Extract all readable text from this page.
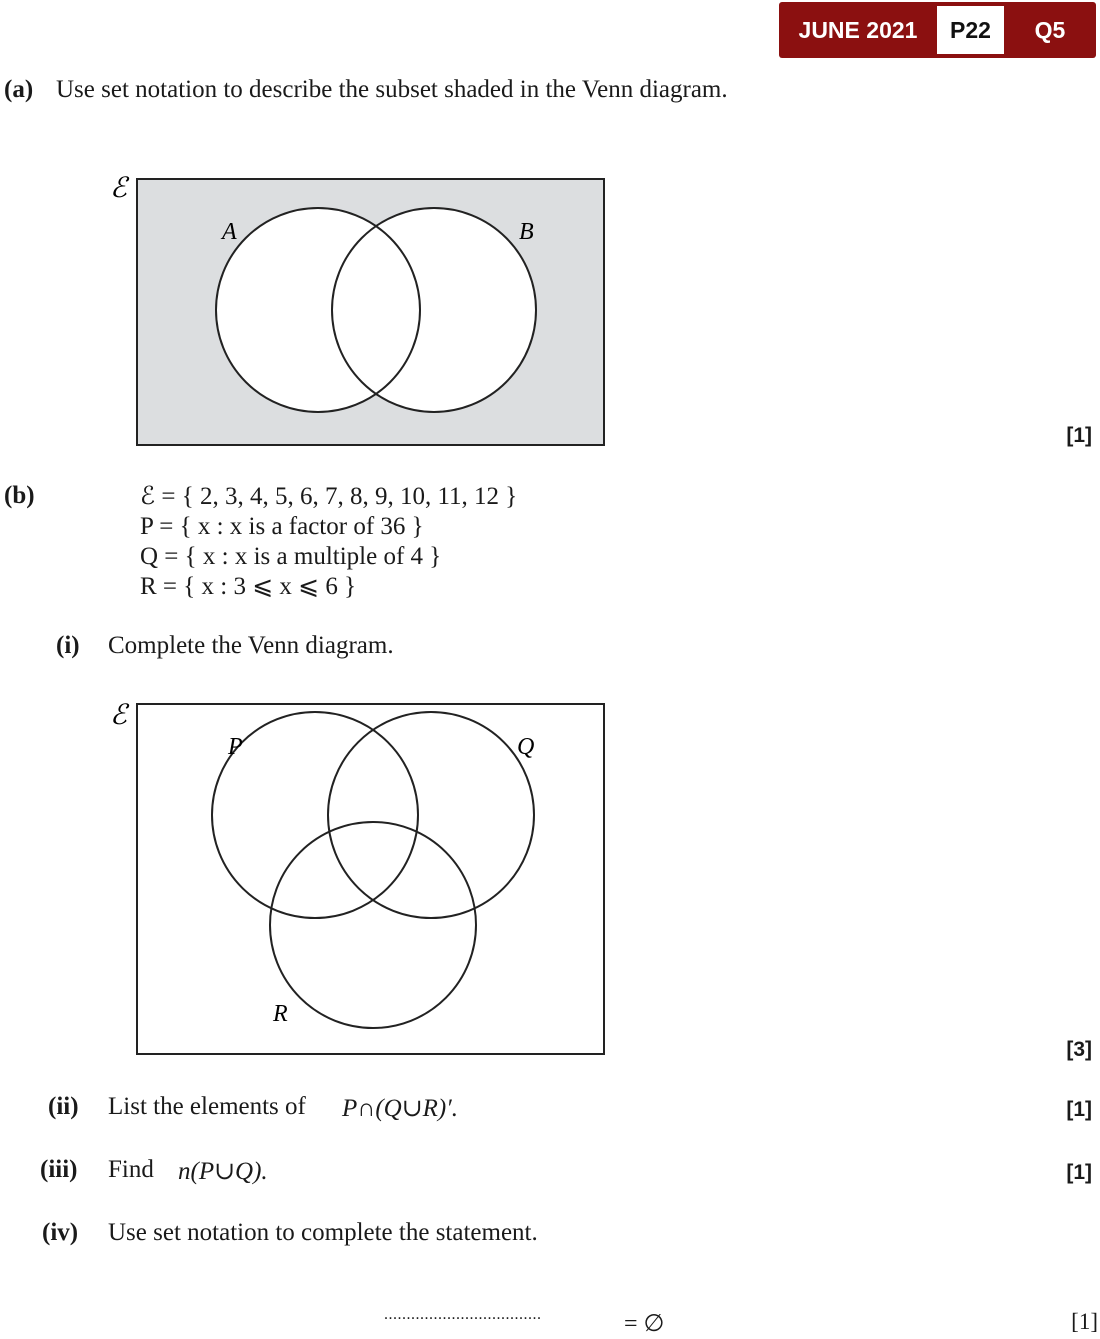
JUNE 2021	P22	Q5
(a) Use set notation to describe the subset shaded in the Venn diagram.
ℰ
A	B
[1]
(b)	ℰ = { 2, 3, 4, 5, 6, 7, 8, 9, 10, 11, 12 }
P = { x : x is a factor of 36 }
Q = { x : x is a multiple of 4 }
R = { x : 3 ⩽ x ⩽ 6 }
(i) Complete the Venn diagram.
ℰ
P	Q
R
[3]
(ii) List the elements of P∩(Q∪R)′.	[1]
(iii) Find n(P∪Q).	[1]
(iv) Use set notation to complete the statement.
...................................	= ∅	[1]
